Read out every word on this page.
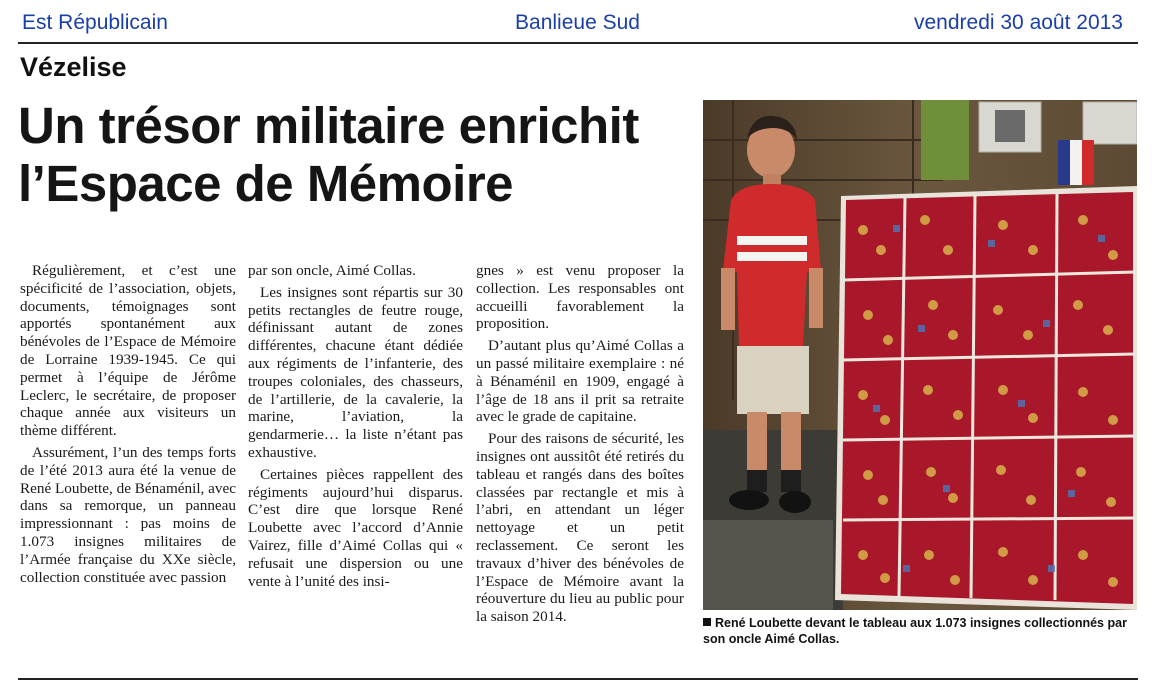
Est Républicain	Banlieue Sud	vendredi 30 août 2013
Vézelise
Un trésor militaire enrichit l’Espace de Mémoire

Régulièrement, et c’est une spécificité de l’association, objets, documents, témoignages sont apportés spontanément aux bénévoles de l’Espace de Mémoire de Lorraine 1939-1945. Ce qui permet à l’équipe de Jérôme Leclerc, le secrétaire, de proposer chaque année aux visiteurs un thème différent.

Assurément, l’un des temps forts de l’été 2013 aura été la venue de René Loubette, de Bénaménil, avec dans sa remorque, un panneau impressionnant : pas moins de 1.073 insignes militaires de l’Armée française du XXe siècle, collection constituée avec passion

par son oncle, Aimé Collas.

Les insignes sont répartis sur 30 petits rectangles de feutre rouge, définissant autant de zones différentes, chacune étant dédiée aux régiments de l’infanterie, des troupes coloniales, des chasseurs, de l’artillerie, de la cavalerie, la marine, l’aviation, la gendarmerie… la liste n’étant pas exhaustive.

Certaines pièces rappellent des régiments aujourd’hui disparus. C’est dire que lorsque René Loubette avec l’accord d’Annie Vairez, fille d’Aimé Collas qui « refusait une dispersion ou une vente à l’unité des insi-

gnes » est venu proposer la collection. Les responsables ont accueilli favorablement la proposition.

D’autant plus qu’Aimé Collas a un passé militaire exemplaire : né à Bénaménil en 1909, engagé à l’âge de 18 ans il prit sa retraite avec le grade de capitaine.

Pour des raisons de sécurité, les insignes ont aussitôt été retirés du tableau et rangés dans des boîtes classées par rectangle et mis à l’abri, en attendant un léger nettoyage et un petit reclassement. Ce seront les travaux d’hiver des bénévoles de l’Espace de Mémoire avant la réouverture du lieu au public pour la saison 2014.	René Loubette devant le tableau aux 1.073 insignes collectionnés par son oncle Aimé Collas.
